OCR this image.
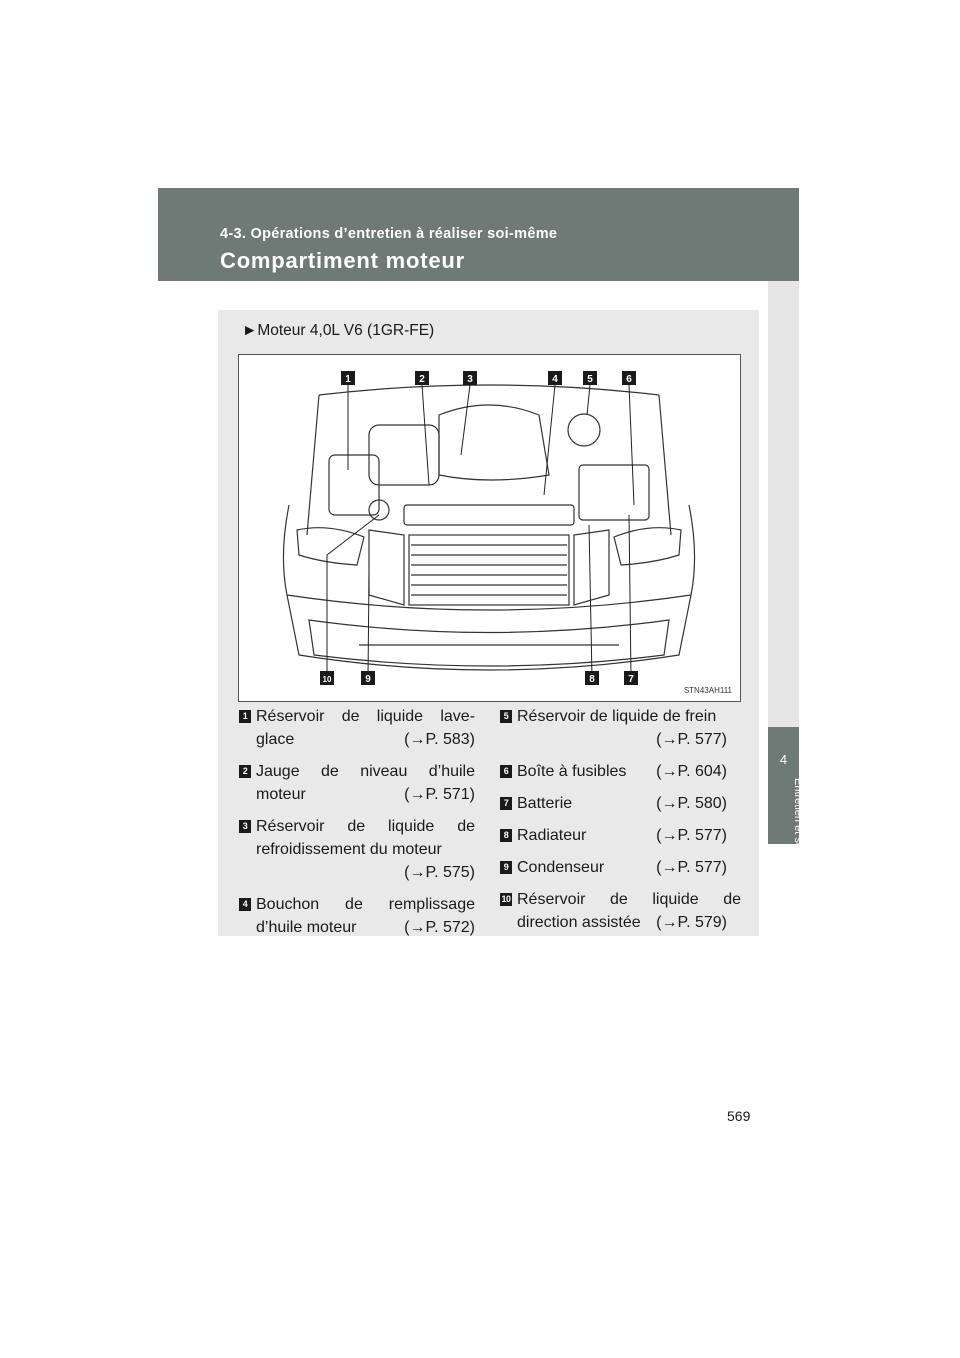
4-3. Opérations d’entretien à réaliser soi-même
Compartiment moteur
4
Entretien et soins
►Moteur 4,0L V6 (1GR-FE)
1	2	3	4	5	6
7
8
9
10
STN43AH111
1 Réservoir de liquide lave-
glace	(→P. 583)
2 Jauge de niveau d’huile
moteur	(→P. 571)
3 Réservoir de liquide de
refroidissement du moteur
(→P. 575)
4 Bouchon de remplissage
d’huile moteur	(→P. 572)
5 Réservoir de liquide de frein
(→P. 577)
6 Boîte à fusibles (→P. 604)
7 Batterie	(→P. 580)
8 Radiateur	(→P. 577)
9 Condenseur	(→P. 577)
10 Réservoir de liquide de
direction assistée (→P. 579)
569
